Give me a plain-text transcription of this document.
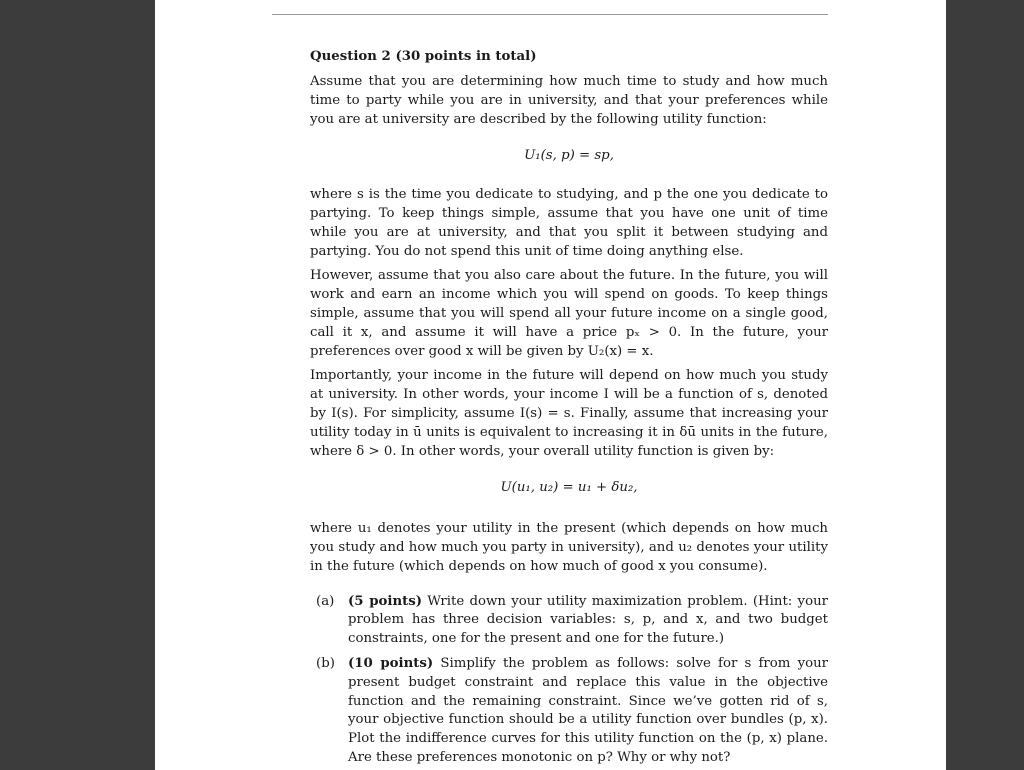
Question 2 (30 points in total)

Assume that you are determining how much time to study and how much time to party while you are in university, and that your preferences while you are at university are described by the following utility function:

U₁(s, p) = sp,

where s is the time you dedicate to studying, and p the one you dedicate to partying. To keep things simple, assume that you have one unit of time while you are at university, and that you split it between studying and partying. You do not spend this unit of time doing anything else.

However, assume that you also care about the future. In the future, you will work and earn an income which you will spend on goods. To keep things simple, assume that you will spend all your future income on a single good, call it x, and assume it will have a price pₓ > 0. In the future, your preferences over good x will be given by U₂(x) = x.

Importantly, your income in the future will depend on how much you study at university. In other words, your income I will be a function of s, denoted by I(s). For simplicity, assume I(s) = s. Finally, assume that increasing your utility today in ū units is equivalent to increasing it in δū units in the future, where δ > 0. In other words, your overall utility function is given by:

U(u₁, u₂) = u₁ + δu₂,

where u₁ denotes your utility in the present (which depends on how much you study and how much you party in university), and u₂ denotes your utility in the future (which depends on how much of good x you consume).

(a)	(5 points) Write down your utility maximization problem. (Hint: your problem has three decision variables: s, p, and x, and two budget constraints, one for the present and one for the future.)
(b) (10 points) Simplify the problem as follows: solve for s from your present budget constraint and replace this value in the objective function and the remaining constraint. Since we’ve gotten rid of s, your objective function should be a utility function over bundles (p, x). Plot the indifference curves for this utility function on the (p, x) plane. Are these preferences monotonic on p? Why or why not?
